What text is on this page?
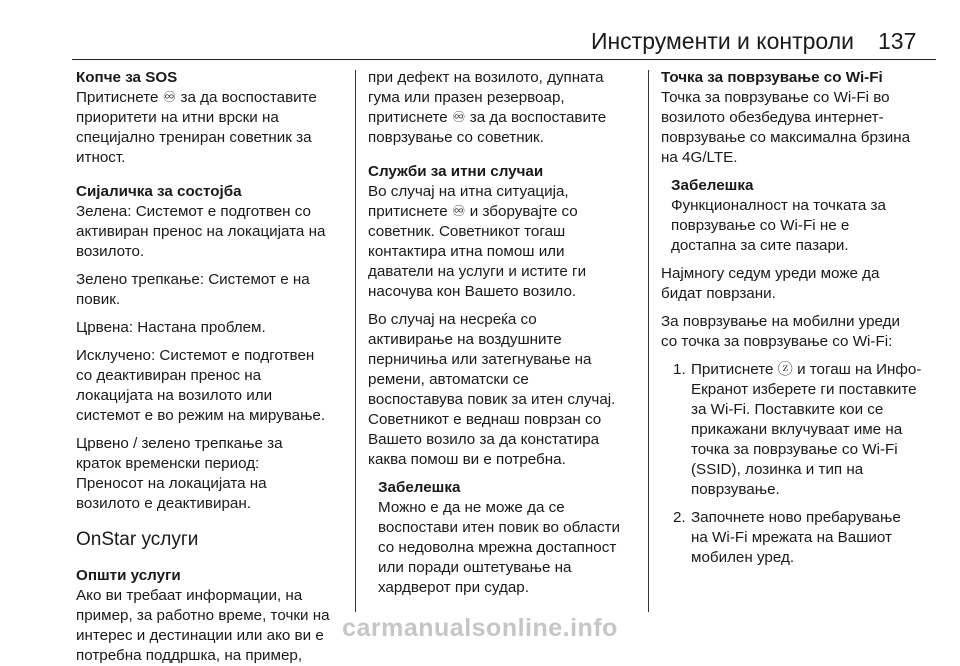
Инструменти и контроли 137
Копче за SOS
Притиснете ♾ за да воспоставите
приоритети на итни врски на
специјално трениран советник за
итност.
Сијаличка за состојба
Зелена: Системот е подготвен со
активиран пренос на локацијата на
возилото.
Зелено трепкање: Системот е на
повик.
Црвена: Настана проблем.
Исклучено: Системот е подготвен
со деактивиран пренос на
локацијата на возилото или
системот е во режим на мирување.
Црвено / зелено трепкање за
краток временски период:
Преносот на локацијата на
возилото е деактивиран.
OnStar услуги
Општи услуги
Ако ви требаат информации, на
пример, за работно време, точки на
интерес и дестинации или ако ви е
потребна поддршка, на пример,
при дефект на возилото, дупната
гума или празен резервоар,
притиснете ♾ за да воспоставите
поврзување со советник.
Служби за итни случаи
Во случај на итна ситуација,
притиснете ♾ и зборувајте со
советник. Советникот тогаш
контактира итна помош или
даватели на услуги и истите ги
насочува кон Вашето возило.
Во случај на несреќа со
активирање на воздушните
перничиња или затегнување на
ремени, автоматски се
воспоставува повик за итен случај.
Советникот е веднаш поврзан со
Вашето возило за да констатира
каква помош ви е потребна.
Забелешка
Можно е да не може да се
воспостави итен повик во области
со недоволна мрежна достапност
или поради оштетување на
хардверот при судар.
Точка за поврзување со Wi-Fi
Точка за поврзување со Wi-Fi во
возилото обезбедува интернет-
поврзување со максимална брзина
на 4G/LTE.
Забелешка
Функционалност на точката за
поврзување со Wi-Fi не е
достапна за сите пазари.
Најмногу седум уреди може да
бидат поврзани.
За поврзување на мобилни уреди
со точка за поврзување со Wi-Fi:
1. Притиснете ⓩ и тогаш на Инфо-
Екранот изберете ги поставките
за Wi-Fi. Поставките кои се
прикажани вклучуваат име на
точка за поврзување со Wi-Fi
(SSID), лозинка и тип на
поврзување.
2. Започнете ново пребарување
на Wi-Fi мрежата на Вашиот
мобилен уред.
carmanualsonline.info
